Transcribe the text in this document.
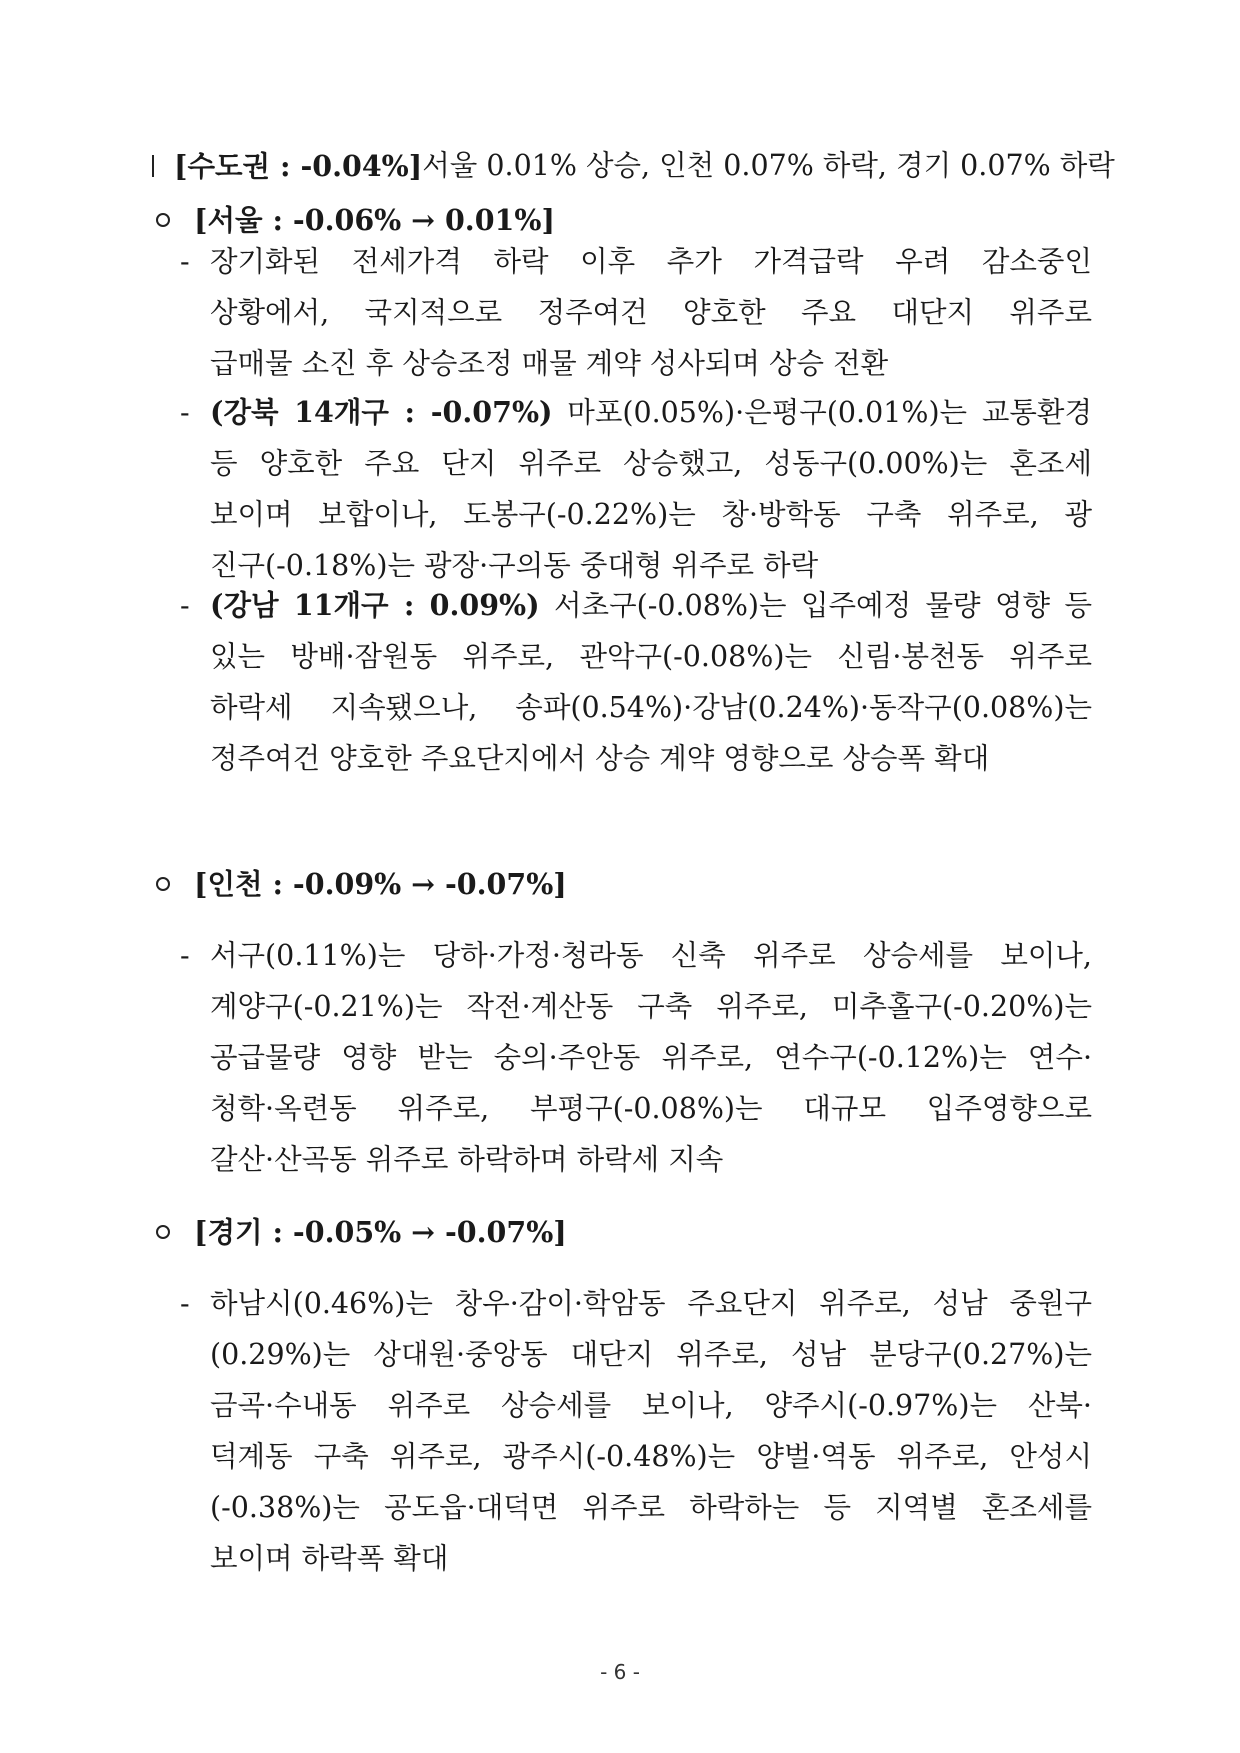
[수도권 : -0.04%] 서울 0.01% 상승, 인천 0.07% 하락, 경기 0.07% 하락
[서울 : -0.06% → 0.01%]
- 장기화된 전세가격 하락 이후 추가 가격급락 우려 감소중인
상황에서, 국지적으로 정주여건 양호한 주요 대단지 위주로
급매물 소진 후 상승조정 매물 계약 성사되며 상승 전환
- (강북 14개구 : -0.07%) 마포(0.05%)·은평구(0.01%)는 교통환경
등 양호한 주요 단지 위주로 상승했고, 성동구(0.00%)는 혼조세
보이며 보합이나, 도봉구(-0.22%)는 창·방학동 구축 위주로, 광
진구(-0.18%)는 광장·구의동 중대형 위주로 하락
- (강남 11개구 : 0.09%) 서초구(-0.08%)는 입주예정 물량 영향 등
있는 방배·잠원동 위주로, 관악구(-0.08%)는 신림·봉천동 위주로
하락세 지속됐으나, 송파(0.54%)·강남(0.24%)·동작구(0.08%)는
정주여건 양호한 주요단지에서 상승 계약 영향으로 상승폭 확대
[인천 : -0.09% → -0.07%]
- 서구(0.11%)는 당하·가정·청라동 신축 위주로 상승세를 보이나,
계양구(-0.21%)는 작전·계산동 구축 위주로, 미추홀구(-0.20%)는
공급물량 영향 받는 숭의·주안동 위주로, 연수구(-0.12%)는 연수·
청학·옥련동 위주로, 부평구(-0.08%)는 대규모 입주영향으로
갈산·산곡동 위주로 하락하며 하락세 지속
[경기 : -0.05% → -0.07%]
- 하남시(0.46%)는 창우·감이·학암동 주요단지 위주로, 성남 중원구
(0.29%)는 상대원·중앙동 대단지 위주로, 성남 분당구(0.27%)는
금곡·수내동 위주로 상승세를 보이나, 양주시(-0.97%)는 산북·
덕계동 구축 위주로, 광주시(-0.48%)는 양벌·역동 위주로, 안성시
(-0.38%)는 공도읍·대덕면 위주로 하락하는 등 지역별 혼조세를
보이며 하락폭 확대
- 6 -
